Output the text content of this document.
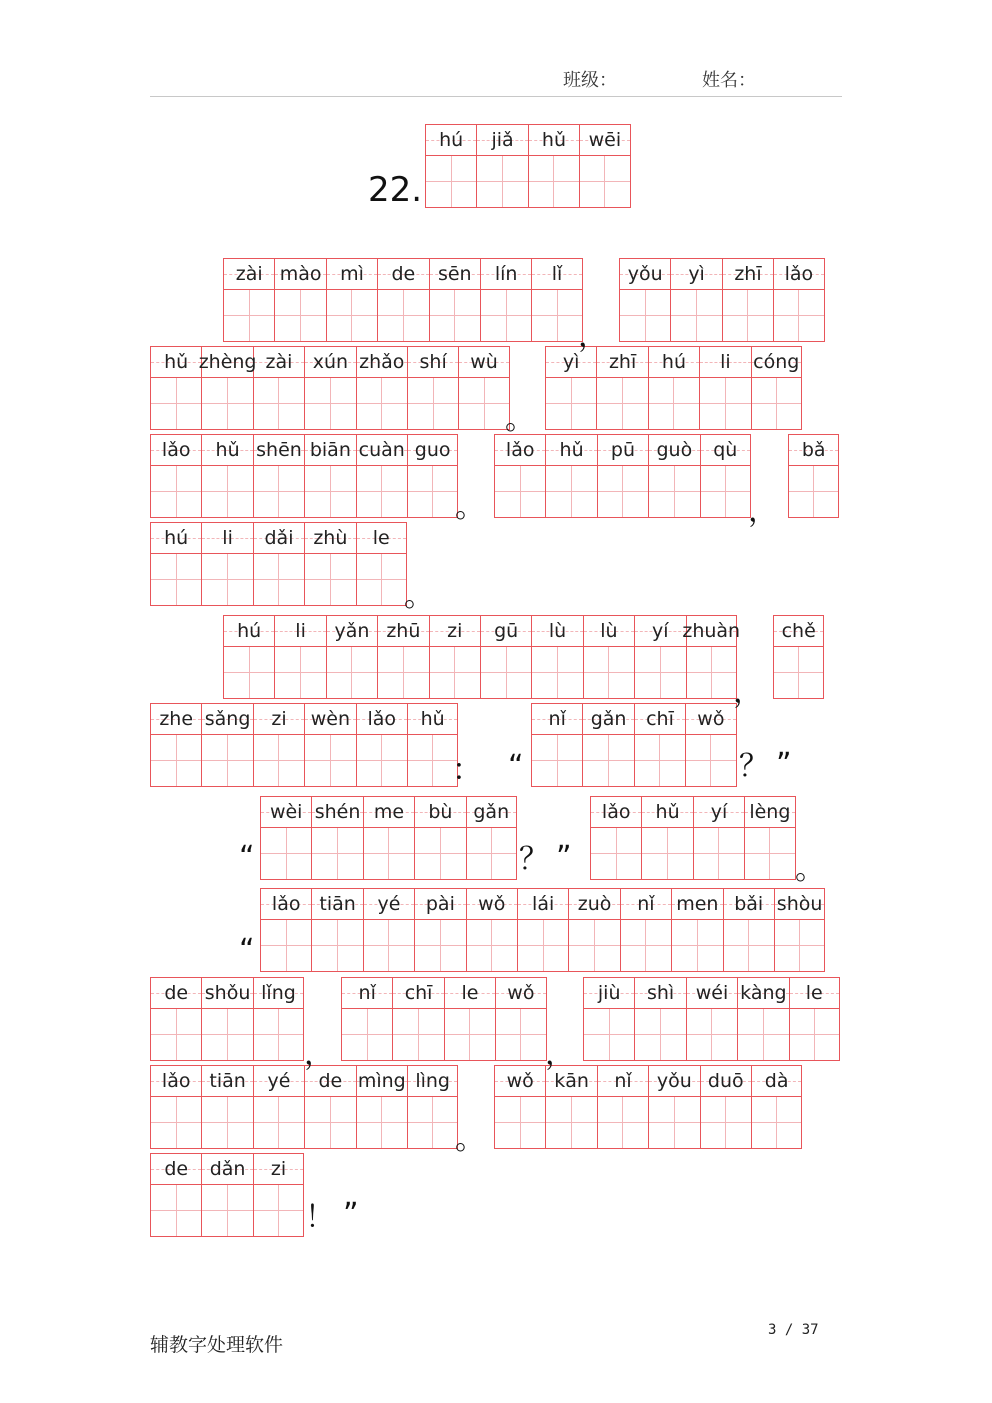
班级：	姓名：
22.
hú jiǎ hǔ wēi
zài mào mì de sēn lín lǐ	yǒu yì zhī lǎo
hǔ zhèng zài xún zhǎo shí wù	yì zhī hú li cóng
lǎo hǔ shēn biān cuàn guo	lǎo hǔ pū guò qù	bǎ
hú li dǎi zhù le
hú li yǎn zhū zi gū lù lù yí zhuàn chě
zhe sǎng zi wèn lǎo hǔ	nǐ gǎn chī wǒ
wèi shén me bù gǎn	lǎo hǔ yí lèng
lǎo tiān yé pài wǒ lái zuò nǐ men bǎi shòu
de shǒu lǐng	nǐ chī le wǒ	jiù shì wéi kàng le
lǎo tiān yé de mìng lìng	wǒ kān nǐ yǒu duō dà
de dǎn zi
，
。
。	，
。
，
： “	？ ”
“	？ ”	。
“
，	，
。
！ ”
辅教字处理软件
3 / 37
